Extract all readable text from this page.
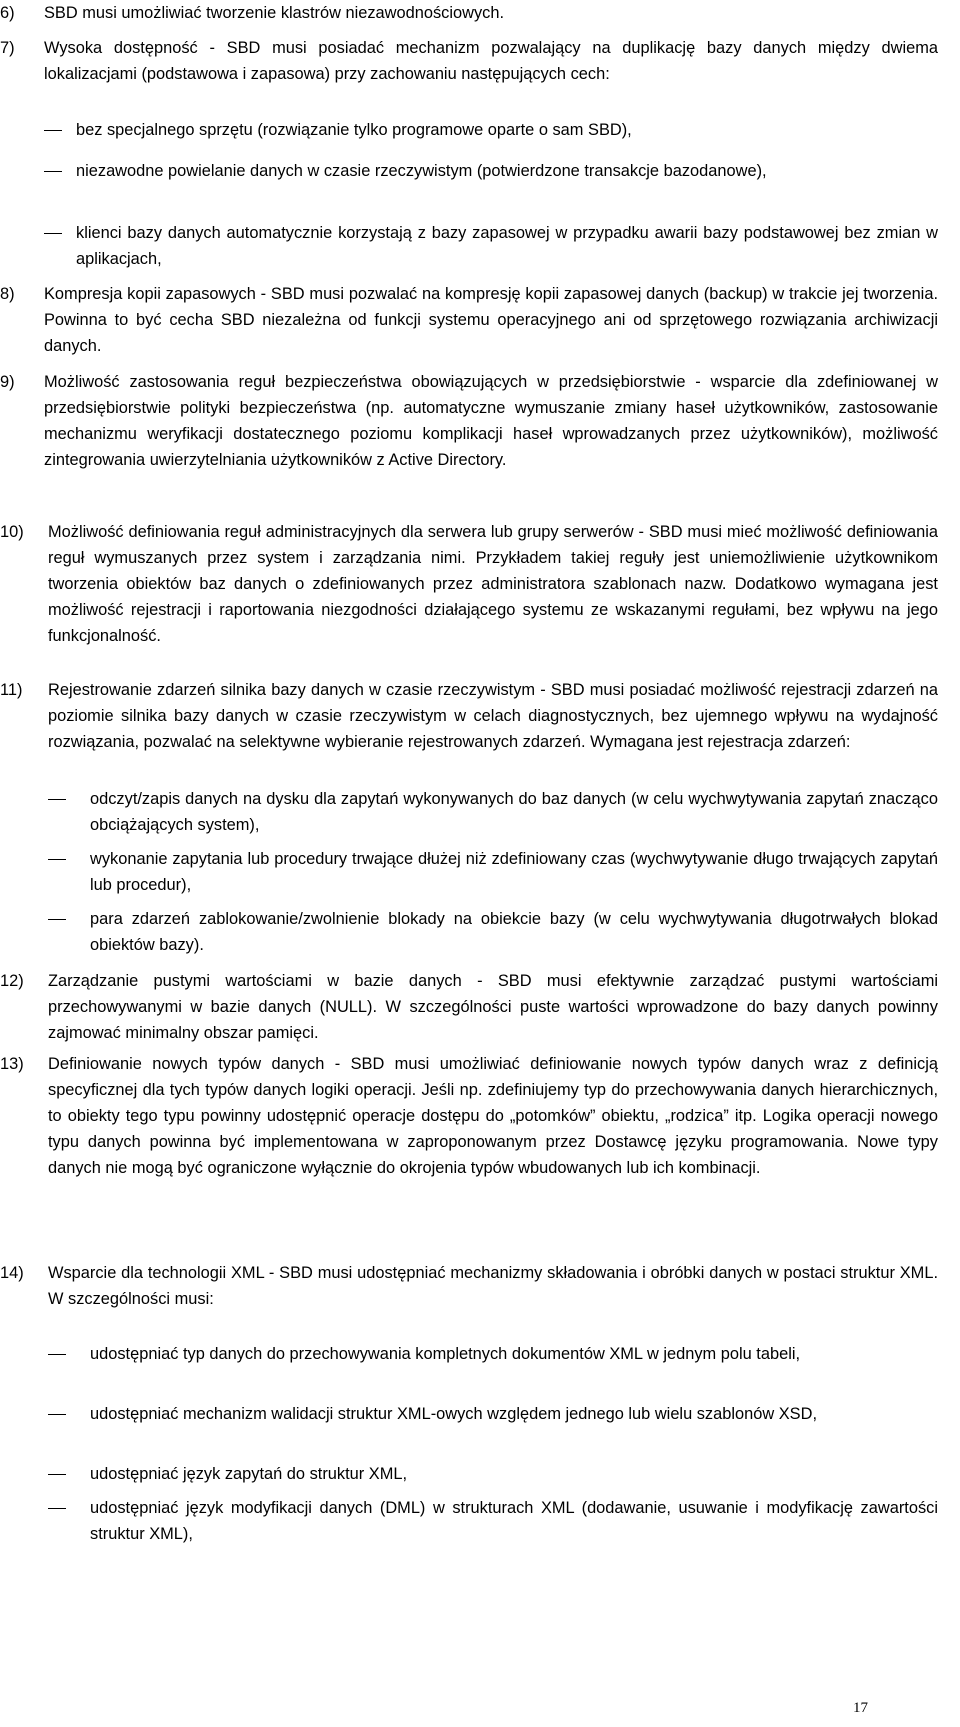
6) SBD musi umożliwiać tworzenie klastrów niezawodnościowych.
7) Wysoka dostępność - SBD musi posiadać mechanizm pozwalający na duplikację bazy danych między dwiema lokalizacjami (podstawowa i zapasowa) przy zachowaniu następujących cech:
bez specjalnego sprzętu (rozwiązanie tylko programowe oparte o sam SBD),
niezawodne powielanie danych w czasie rzeczywistym (potwierdzone transakcje bazodanowe),
klienci bazy danych automatycznie korzystają z bazy zapasowej w przypadku awarii bazy podstawowej bez zmian w aplikacjach,
8) Kompresja kopii zapasowych - SBD musi pozwalać na kompresję kopii zapasowej danych (backup) w trakcie jej tworzenia. Powinna to być cecha SBD niezależna od funkcji systemu operacyjnego ani od sprzętowego rozwiązania archiwizacji danych.
9) Możliwość zastosowania reguł bezpieczeństwa obowiązujących w przedsiębiorstwie - wsparcie dla zdefiniowanej w przedsiębiorstwie polityki bezpieczeństwa (np. automatyczne wymuszanie zmiany haseł użytkowników, zastosowanie mechanizmu weryfikacji dostatecznego poziomu komplikacji haseł wprowadzanych przez użytkowników), możliwość zintegrowania uwierzytelniania użytkowników z Active Directory.
10) Możliwość definiowania reguł administracyjnych dla serwera lub grupy serwerów - SBD musi mieć możliwość definiowania reguł wymuszanych przez system i zarządzania nimi. Przykładem takiej reguły jest uniemożliwienie użytkownikom tworzenia obiektów baz danych o zdefiniowanych przez administratora szablonach nazw. Dodatkowo wymagana jest możliwość rejestracji i raportowania niezgodności działającego systemu ze wskazanymi regułami, bez wpływu na jego funkcjonalność.
11) Rejestrowanie zdarzeń silnika bazy danych w czasie rzeczywistym - SBD musi posiadać możliwość rejestracji zdarzeń na poziomie silnika bazy danych w czasie rzeczywistym w celach diagnostycznych, bez ujemnego wpływu na wydajność rozwiązania, pozwalać na selektywne wybieranie rejestrowanych zdarzeń. Wymagana jest rejestracja zdarzeń:
odczyt/zapis danych na dysku dla zapytań wykonywanych do baz danych (w celu wychwytywania zapytań znacząco obciążających system),
wykonanie zapytania lub procedury trwające dłużej niż zdefiniowany czas (wychwytywanie długo trwających zapytań lub procedur),
para zdarzeń zablokowanie/zwolnienie blokady na obiekcie bazy (w celu wychwytywania długotrwałych blokad obiektów bazy).
12) Zarządzanie pustymi wartościami w bazie danych - SBD musi efektywnie zarządzać pustymi wartościami przechowywanymi w bazie danych (NULL). W szczególności puste wartości wprowadzone do bazy danych powinny zajmować minimalny obszar pamięci.
13) Definiowanie nowych typów danych - SBD musi umożliwiać definiowanie nowych typów danych wraz z definicją specyficznej dla tych typów danych logiki operacji. Jeśli np. zdefiniujemy typ do przechowywania danych hierarchicznych, to obiekty tego typu powinny udostępnić operacje dostępu do „potomków” obiektu, „rodzica” itp. Logika operacji nowego typu danych powinna być implementowana w zaproponowanym przez Dostawcę języku programowania. Nowe typy danych nie mogą być ograniczone wyłącznie do okrojenia typów wbudowanych lub ich kombinacji.
14) Wsparcie dla technologii XML - SBD musi udostępniać mechanizmy składowania i obróbki danych w postaci struktur XML. W szczególności musi:
udostępniać typ danych do przechowywania kompletnych dokumentów XML w jednym polu tabeli,
udostępniać mechanizm walidacji struktur XML-owych względem jednego lub wielu szablonów XSD,
udostępniać język zapytań do struktur XML,
udostępniać język modyfikacji danych (DML) w strukturach XML (dodawanie, usuwanie i modyfikację zawartości struktur XML),
17
